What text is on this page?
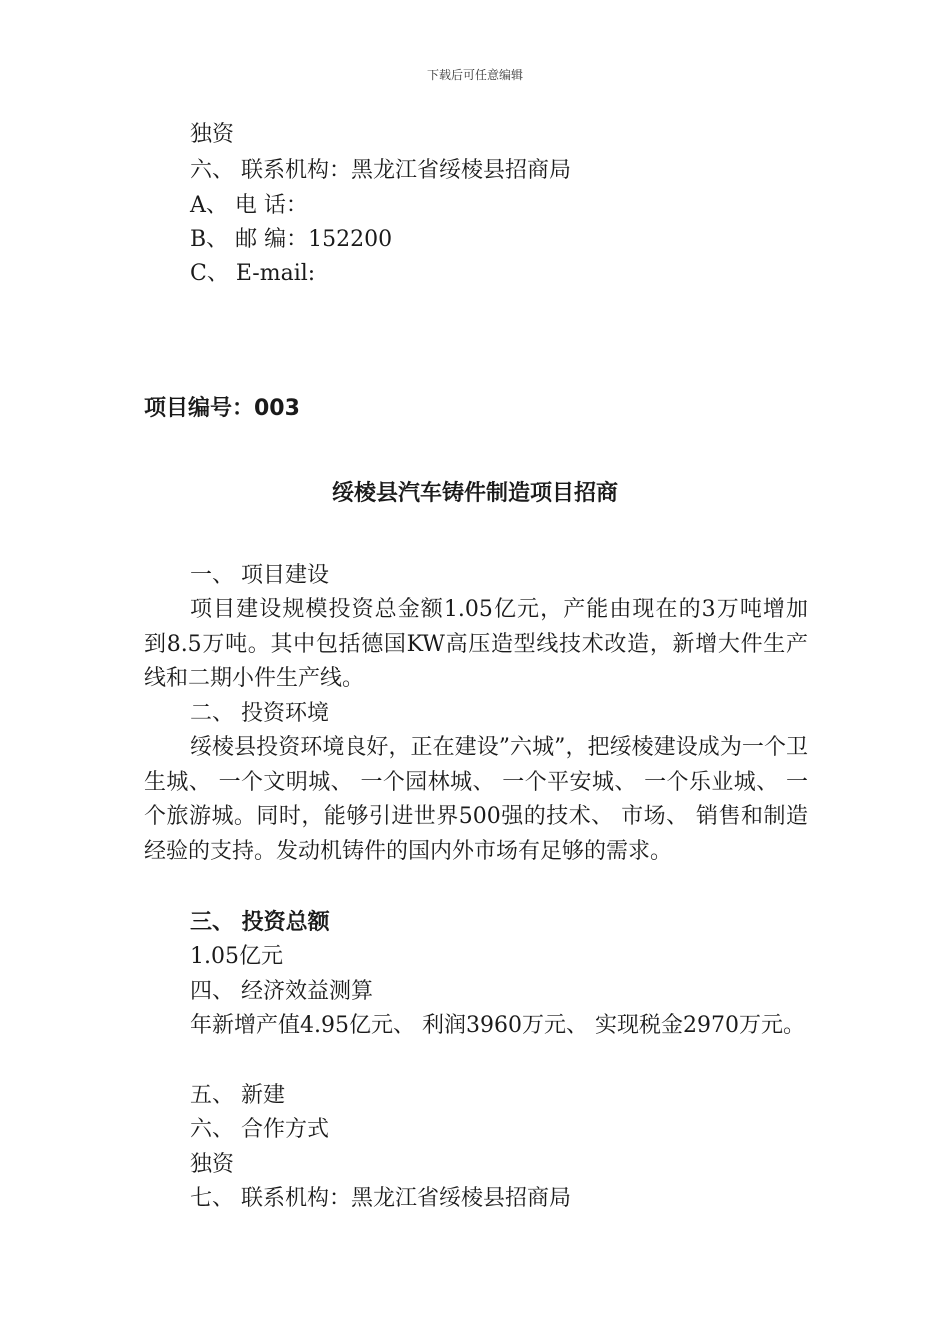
下载后可任意编辑
独资
六、 联系机构：黑龙江省绥棱县招商局
A、 电 话：
B、 邮 编：152200
C、 E-mail:
项目编号：003
绥棱县汽车铸件制造项目招商
一、 项目建设
项目建设规模投资总金额1.05亿元，产能由现在的3万吨增加 到8.5万吨。其中包括德国KW高压造型线技术改造，新增大件生产线和二期小件生产线。
二、 投资环境
绥棱县投资环境良好，正在建设”六城”，把绥棱建设成为一个卫生城、 一个文明城、 一个园林城、 一个平安城、 一个乐业城、 一个旅游城。同时，能够引进世界500强的技术、 市场、 销售和制造经验的支持。发动机铸件的国内外市场有足够的需求。
三、 投资总额
1.05亿元
四、 经济效益测算
年新增产值4.95亿元、 利润3960万元、 实现税金2970万元。
五、 新建
六、 合作方式
独资
七、 联系机构：黑龙江省绥棱县招商局
